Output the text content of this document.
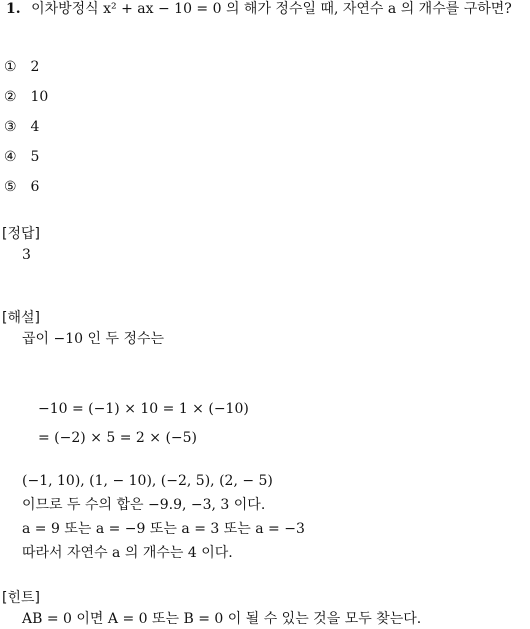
1. 이차방정식 x² + ax − 10 = 0 의 해가 정수일 때, 자연수 a 의 개수를 구하면?
① 2
② 10
③ 4
④ 5
⑤ 6
[정답]
3
[해설]
곱이 −10 인 두 정수는
−10 = (−1) × 10 = 1 × (−10)
= (−2) × 5 = 2 × (−5)
(−1, 10), (1, − 10), (−2, 5), (2, − 5)
이므로 두 수의 합은 −9.9, −3, 3 이다.
a = 9 또는 a = −9 또는 a = 3 또는 a = −3
따라서 자연수 a 의 개수는 4 이다.
[힌트]
AB = 0 이면 A = 0 또는 B = 0 이 될 수 있는 것을 모두 찾는다.
